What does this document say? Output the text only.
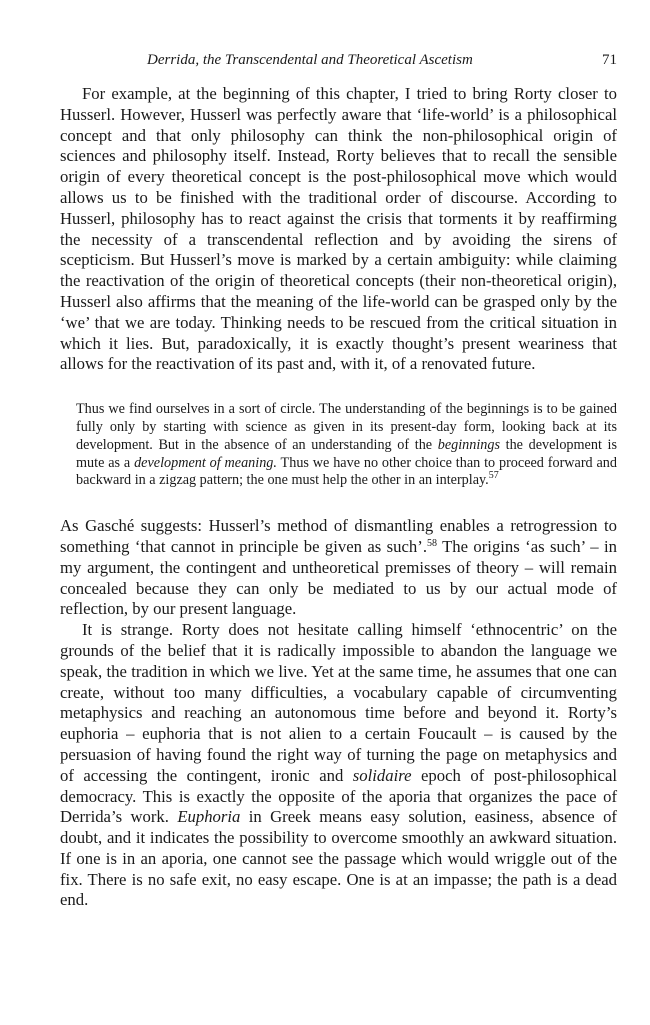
Derrida, the Transcendental and Theoretical Ascetism	71

For example, at the beginning of this chapter, I tried to bring Rorty closer to Husserl. However, Husserl was perfectly aware that ‘life-world’ is a philosophical concept and that only philosophy can think the non-philosophical origin of sciences and philosophy itself. Instead, Rorty believes that to recall the sensible origin of every theoretical concept is the post-philosophical move which would allows us to be finished with the traditional order of discourse. According to Husserl, philosophy has to react against the crisis that torments it by reaffirming the necessity of a transcendental reflection and by avoiding the sirens of scepticism. But Husserl’s move is marked by a certain ambiguity: while claiming the reactivation of the origin of theoretical concepts (their non-theoretical origin), Husserl also affirms that the meaning of the life-world can be grasped only by the ‘we’ that we are today. Thinking needs to be rescued from the critical situation in which it lies. But, paradoxically, it is exactly thought’s present weariness that allows for the reactivation of its past and, with it, of a renovated future.

Thus we find ourselves in a sort of circle. The understanding of the beginnings is to be gained fully only by starting with science as given in its present-day form, looking back at its development. But in the absence of an understanding of the beginnings the development is mute as a development of meaning. Thus we have no other choice than to proceed forward and backward in a zigzag pattern; the one must help the other in an interplay.$^{57}$

As Gasché suggests: Husserl’s method of dismantling enables a retrogression to something ‘that cannot in principle be given as such’.$^{58}$ The origins ‘as such’ – in my argument, the contingent and untheoretical premisses of theory – will remain concealed because they can only be mediated to us by our actual mode of reflection, by our present language.

It is strange. Rorty does not hesitate calling himself ‘ethnocentric’ on the grounds of the belief that it is radically impossible to abandon the language we speak, the tradition in which we live. Yet at the same time, he assumes that one can create, without too many difficulties, a vocabulary capable of circumventing metaphysics and reaching an autonomous time before and beyond it. Rorty’s euphoria – euphoria that is not alien to a certain Foucault – is caused by the persuasion of having found the right way of turning the page on metaphysics and of accessing the contingent, ironic and solidaire epoch of post-philosophical democracy. This is exactly the opposite of the aporia that organizes the pace of Derrida’s work. Euphoria in Greek means easy solution, easiness, absence of doubt, and it indicates the possibility to overcome smoothly an awkward situation. If one is in an aporia, one cannot see the passage which would wriggle out of the fix. There is no safe exit, no easy escape. One is at an impasse; the path is a dead end.
